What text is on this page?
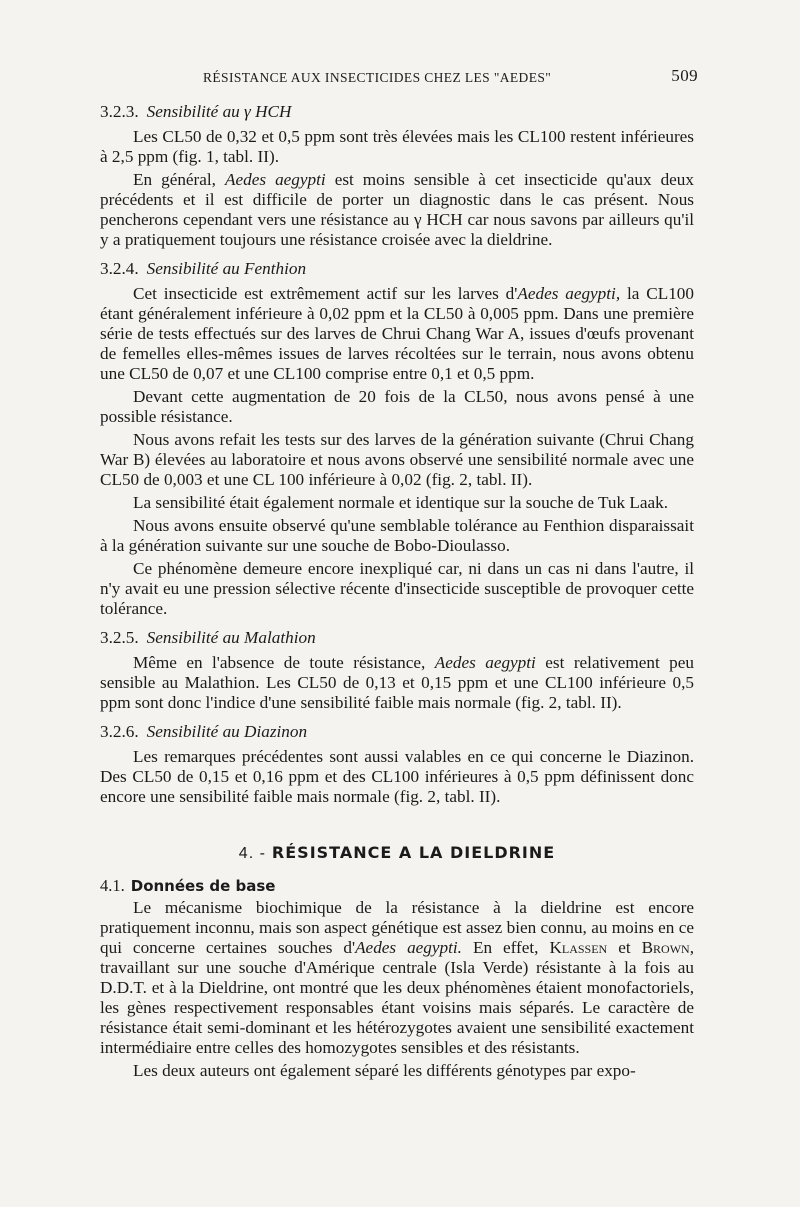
RÉSISTANCE AUX INSECTICIDES CHEZ LES "AEDES"	509
3.2.3. Sensibilité au γ HCH

Les CL50 de 0,32 et 0,5 ppm sont très élevées mais les CL100 restent inférieures à 2,5 ppm (fig. 1, tabl. II).

En général, Aedes aegypti est moins sensible à cet insecticide qu'aux deux précédents et il est difficile de porter un diagnostic dans le cas présent. Nous pencherons cependant vers une résistance au γ HCH car nous savons par ailleurs qu'il y a pratiquement toujours une résistance croisée avec la dieldrine.

3.2.4. Sensibilité au Fenthion

Cet insecticide est extrêmement actif sur les larves d'Aedes aegypti, la CL100 étant généralement inférieure à 0,02 ppm et la CL50 à 0,005 ppm. Dans une première série de tests effectués sur des larves de Chrui Chang War A, issues d'œufs provenant de femelles elles-mêmes issues de larves récoltées sur le terrain, nous avons obtenu une CL50 de 0,07 et une CL100 comprise entre 0,1 et 0,5 ppm.

Devant cette augmentation de 20 fois de la CL50, nous avons pensé à une possible résistance.

Nous avons refait les tests sur des larves de la génération suivante (Chrui Chang War B) élevées au laboratoire et nous avons observé une sensibilité normale avec une CL50 de 0,003 et une CL 100 inférieure à 0,02 (fig. 2, tabl. II).

La sensibilité était également normale et identique sur la souche de Tuk Laak.

Nous avons ensuite observé qu'une semblable tolérance au Fenthion disparaissait à la génération suivante sur une souche de Bobo-Dioulasso.

Ce phénomène demeure encore inexpliqué car, ni dans un cas ni dans l'autre, il n'y avait eu une pression sélective récente d'insecticide susceptible de provoquer cette tolérance.

3.2.5. Sensibilité au Malathion

Même en l'absence de toute résistance, Aedes aegypti est relativement peu sensible au Malathion. Les CL50 de 0,13 et 0,15 ppm et une CL100 inférieure 0,5 ppm sont donc l'indice d'une sensibilité faible mais normale (fig. 2, tabl. II).

3.2.6. Sensibilité au Diazinon

Les remarques précédentes sont aussi valables en ce qui concerne le Diazinon. Des CL50 de 0,15 et 0,16 ppm et des CL100 inférieures à 0,5 ppm définissent donc encore une sensibilité faible mais normale (fig. 2, tabl. II).

4. - RÉSISTANCE A LA DIELDRINE
4.1. Données de base

Le mécanisme biochimique de la résistance à la dieldrine est encore pratiquement inconnu, mais son aspect génétique est assez bien connu, au moins en ce qui concerne certaines souches d'Aedes aegypti. En effet, Klassen et Brown, travaillant sur une souche d'Amérique centrale (Isla Verde) résistante à la fois au D.D.T. et à la Dieldrine, ont montré que les deux phénomènes étaient monofactoriels, les gènes respectivement responsables étant voisins mais séparés. Le caractère de résistance était semi-dominant et les hétérozygotes avaient une sensibilité exactement intermédiaire entre celles des homozygotes sensibles et des résistants.

Les deux auteurs ont également séparé les différents génotypes par expo-
